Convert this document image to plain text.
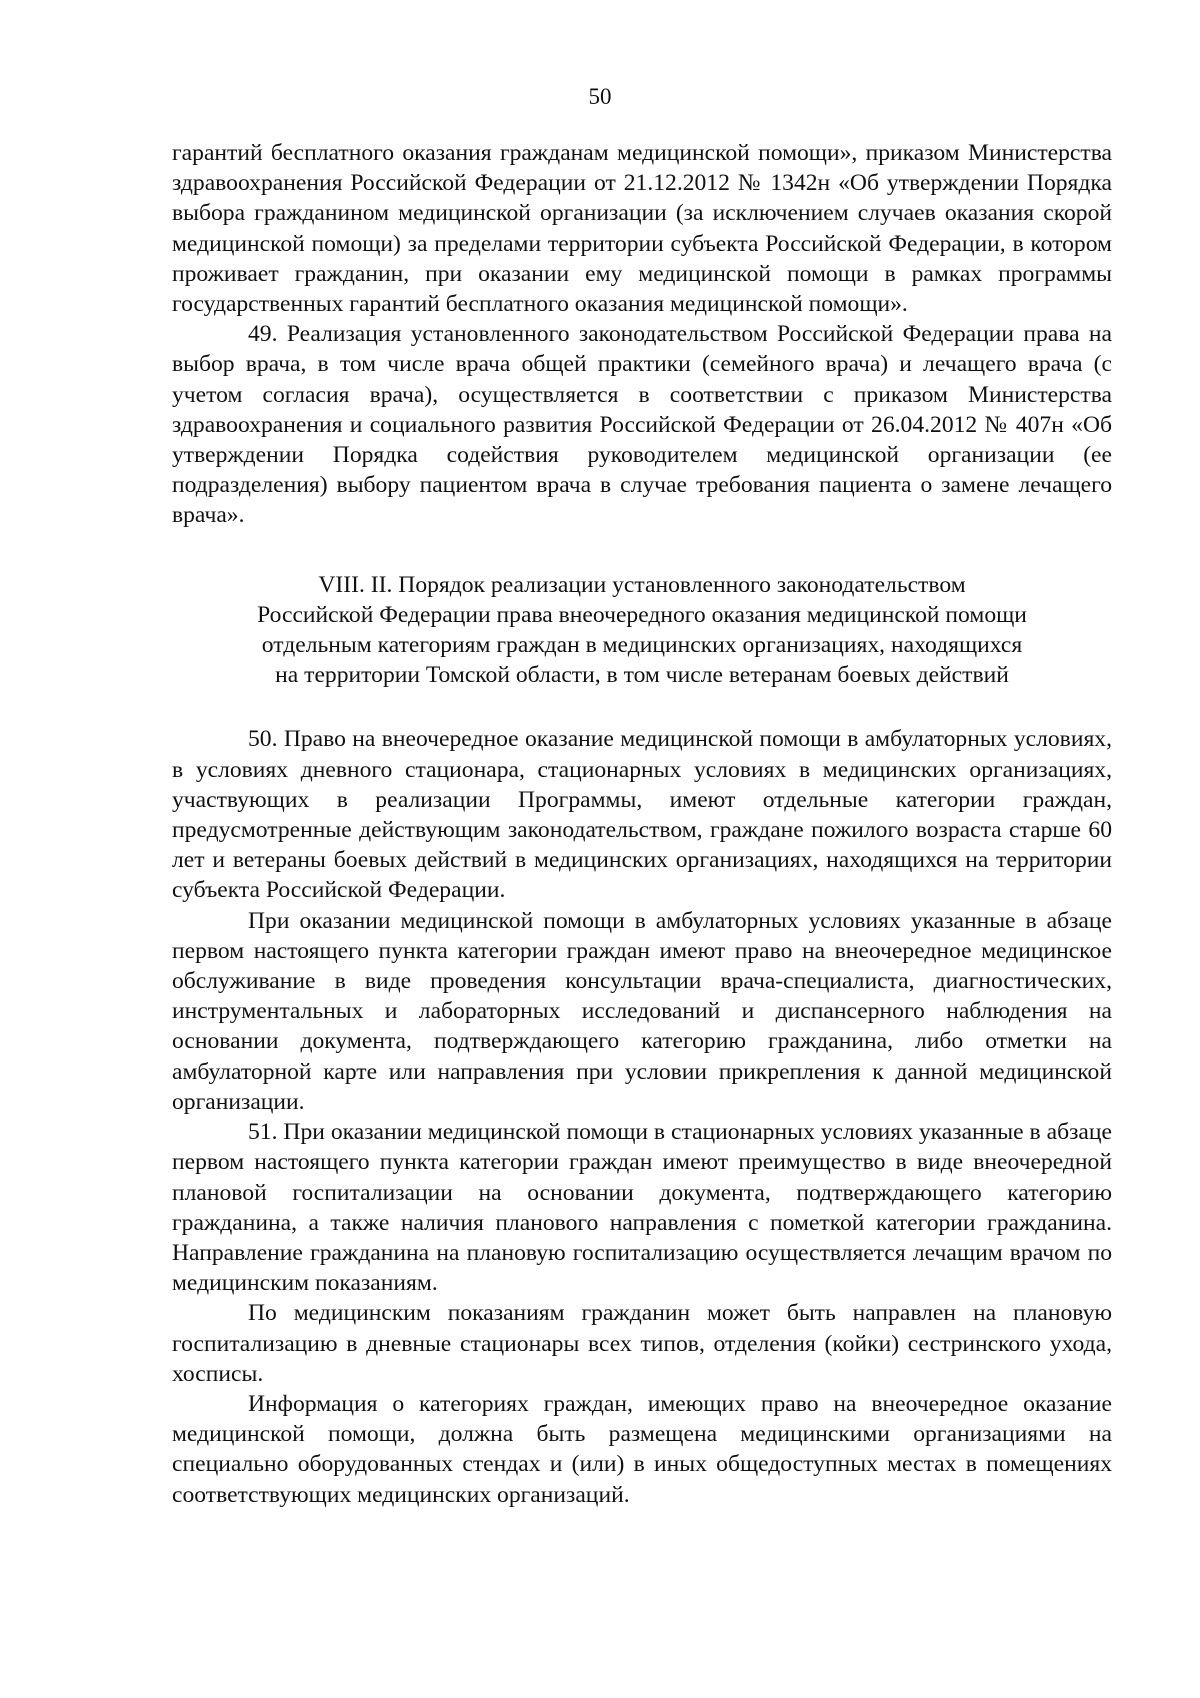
50

гарантий бесплатного оказания гражданам медицинской помощи», приказом Министерства здравоохранения Российской Федерации от 21.12.2012 № 1342н «Об утверждении Порядка выбора гражданином медицинской организации (за исключением случаев оказания скорой медицинской помощи) за пределами территории субъекта Российской Федерации, в котором проживает гражданин, при оказании ему медицинской помощи в рамках программы государственных гарантий бесплатного оказания медицинской помощи».

49. Реализация установленного законодательством Российской Федерации права на выбор врача, в том числе врача общей практики (семейного врача) и лечащего врача (с учетом согласия врача), осуществляется в соответствии с приказом Министерства здравоохранения и социального развития Российской Федерации от 26.04.2012 № 407н «Об утверждении Порядка содействия руководителем медицинской организации (ее подразделения) выбору пациентом врача в случае требования пациента о замене лечащего врача».

VIII. II. Порядок реализации установленного законодательством
Российской Федерации права внеочередного оказания медицинской помощи
отдельным категориям граждан в медицинских организациях, находящихся
на территории Томской области, в том числе ветеранам боевых действий

50. Право на внеочередное оказание медицинской помощи в амбулаторных условиях, в условиях дневного стационара, стационарных условиях в медицинских организациях, участвующих в реализации Программы, имеют отдельные категории граждан, предусмотренные действующим законодательством, граждане пожилого возраста старше 60 лет и ветераны боевых действий в медицинских организациях, находящихся на территории субъекта Российской Федерации.

При оказании медицинской помощи в амбулаторных условиях указанные в абзаце первом настоящего пункта категории граждан имеют право на внеочередное медицинское обслуживание в виде проведения консультации врача-специалиста, диагностических, инструментальных и лабораторных исследований и диспансерного наблюдения на основании документа, подтверждающего категорию гражданина, либо отметки на амбулаторной карте или направления при условии прикрепления к данной медицинской организации.

51. При оказании медицинской помощи в стационарных условиях указанные в абзаце первом настоящего пункта категории граждан имеют преимущество в виде внеочередной плановой госпитализации на основании документа, подтверждающего категорию гражданина, а также наличия планового направления с пометкой категории гражданина. Направление гражданина на плановую госпитализацию осуществляется лечащим врачом по медицинским показаниям.

По медицинским показаниям гражданин может быть направлен на плановую госпитализацию в дневные стационары всех типов, отделения (койки) сестринского ухода, хосписы.

Информация о категориях граждан, имеющих право на внеочередное оказание медицинской помощи, должна быть размещена медицинскими организациями на специально оборудованных стендах и (или) в иных общедоступных местах в помещениях соответствующих медицинских организаций.
